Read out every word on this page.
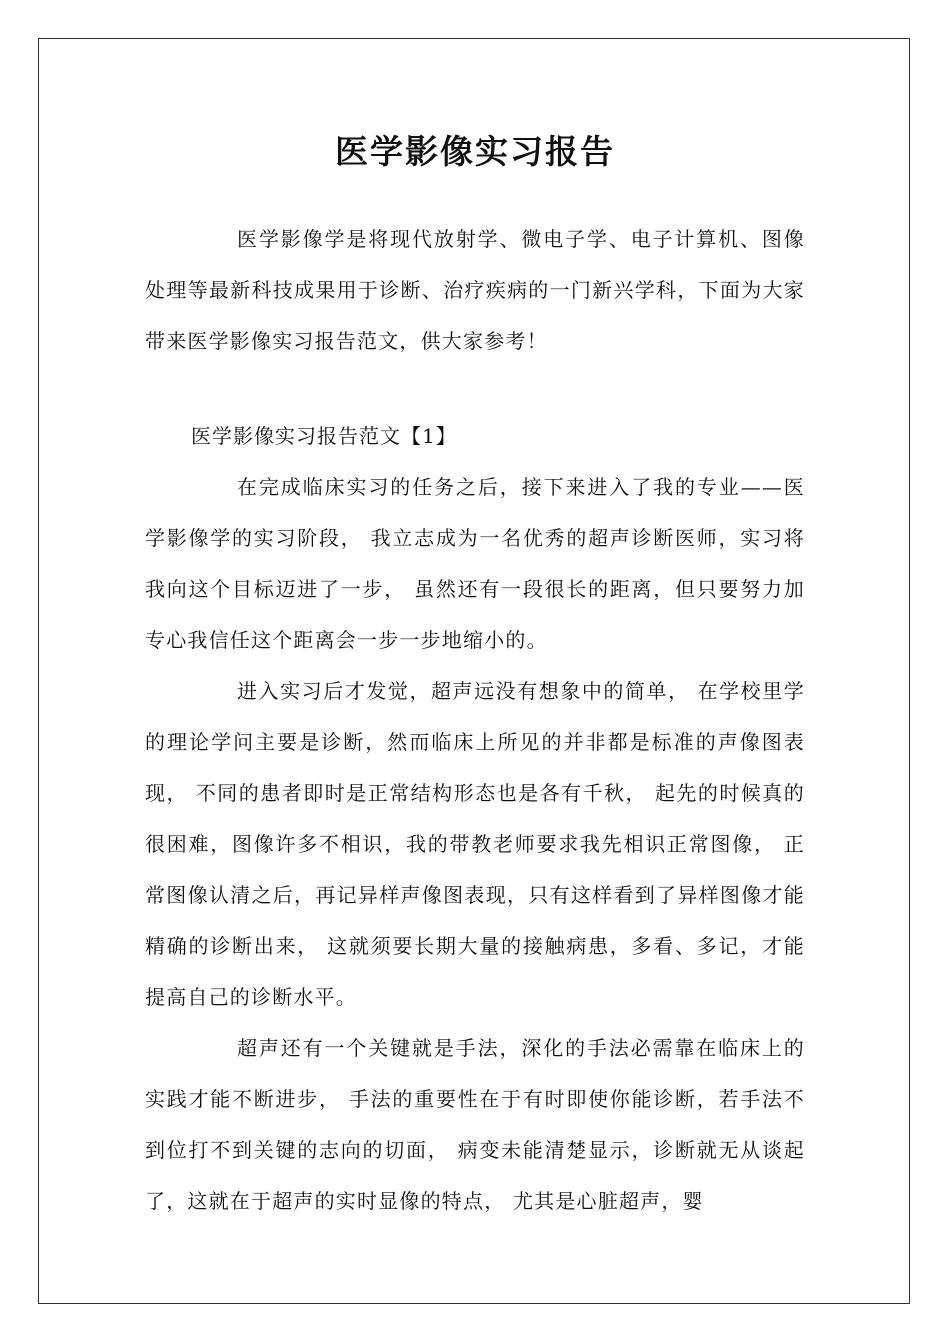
医学影像实习报告

医学影像学是将现代放射学、微电子学、电子计算机、图像处理等最新科技成果用于诊断、治疗疾病的一门新兴学科，下面为大家带来医学影像实习报告范文，供大家参考！

医学影像实习报告范文【1】

在完成临床实习的任务之后，接下来进入了我的专业——医学影像学的实习阶段， 我立志成为一名优秀的超声诊断医师，实习将我向这个目标迈进了一步， 虽然还有一段很长的距离，但只要努力加专心我信任这个距离会一步一步地缩小的。

进入实习后才发觉，超声远没有想象中的简单， 在学校里学的理论学问主要是诊断，然而临床上所见的并非都是标准的声像图表现， 不同的患者即时是正常结构形态也是各有千秋， 起先的时候真的很困难，图像许多不相识，我的带教老师要求我先相识正常图像， 正常图像认清之后，再记异样声像图表现，只有这样看到了异样图像才能精确的诊断出来， 这就须要长期大量的接触病患，多看、多记，才能提高自己的诊断水平。

超声还有一个关键就是手法，深化的手法必需靠在临床上的实践才能不断进步， 手法的重要性在于有时即使你能诊断，若手法不到位打不到关键的志向的切面， 病变未能清楚显示，诊断就无从谈起了，这就在于超声的实时显像的特点， 尤其是心脏超声，婴
